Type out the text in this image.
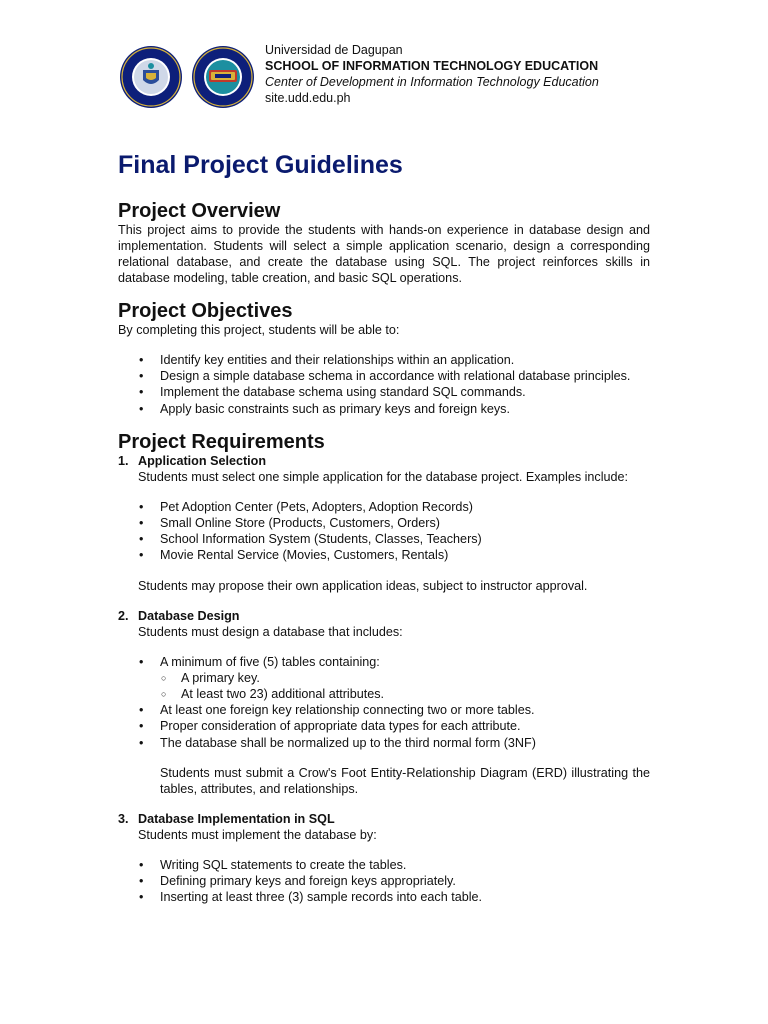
Universidad de Dagupan
SCHOOL OF INFORMATION TECHNOLOGY EDUCATION
Center of Development in Information Technology Education
site.udd.edu.ph
Final Project Guidelines
Project Overview

This project aims to provide the students with hands-on experience in database design and implementation. Students will select a simple application scenario, design a corresponding relational database, and create the database using SQL. The project reinforces skills in database modeling, table creation, and basic SQL operations.

Project Objectives

By completing this project, students will be able to:

• Identify key entities and their relationships within an application.
• Design a simple database schema in accordance with relational database principles.
• Implement the database schema using standard SQL commands.
• Apply basic constraints such as primary keys and foreign keys.
Project Requirements
1. Application Selection

Students must select one simple application for the database project. Examples include:

• Pet Adoption Center (Pets, Adopters, Adoption Records)
• Small Online Store (Products, Customers, Orders)
• School Information System (Students, Classes, Teachers)
• Movie Rental Service (Movies, Customers, Rentals)

Students may propose their own application ideas, subject to instructor approval.

2. Database Design

Students must design a database that includes:

• A minimum of five (5) tables containing:
○ A primary key.
○ At least two 23) additional attributes.
• At least one foreign key relationship connecting two or more tables.
• Proper consideration of appropriate data types for each attribute.
• The database shall be normalized up to the third normal form (3NF)

Students must submit a Crow's Foot Entity-Relationship Diagram (ERD) illustrating the tables, attributes, and relationships.

3. Database Implementation in SQL

Students must implement the database by:

• Writing SQL statements to create the tables.
• Defining primary keys and foreign keys appropriately.
• Inserting at least three (3) sample records into each table.
